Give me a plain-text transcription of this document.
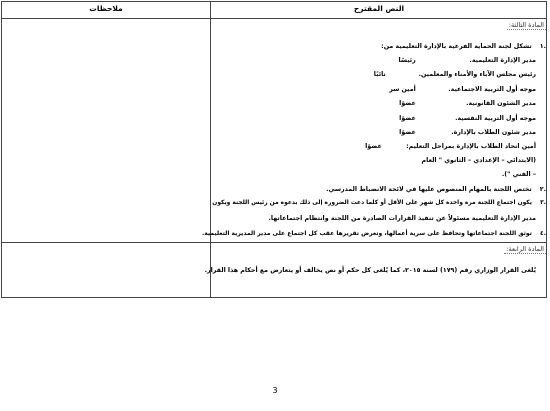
ملاحظات	النص المقترح
المادة الثالثة:
.١ تشكل لجنة الحماية الفرعية بالإدارة التعليمية من:
مدير الإدارة التعليمية. رئيسًا
رئيس مجلس الآباء والأمناء والمعلمين. نائبًا
موجه أول التربية الاجتماعية. أمين سر
مدير الشئون القانونية. عضوًا
موجه أول التربية النفسية. عضوًا
مدير شئون الطلاب بالإدارة. عضوًا
أمين اتحاد الطلاب بالإدارة بمراحل التعليم: عضوًا
(الابتدائي – الإعدادي – الثانوي " العام
– الفني ").
.٢ تختص اللجنة بالمهام المنصوص عليها في لائحة الانضباط المدرسي.
.٣ يكون اجتماع اللجنة مرة واحدة كل شهر على الأقل أو كلما دعت الضرورة إلى ذلك بدعوة من رئيس اللجنة ويكون
مدير الإدارة التعليمية مسئولاً عن تنفيذ القرارات الصادرة من اللجنة وانتظام اجتماعاتها.
.٤ توثق اللجنة اجتماعاتها وتحافظ على سرية أعمالها، وتعرض تقريرها عقب كل اجتماع على مدير المديرية التعليمية.
المادة الرابعة:
يُلغى القرار الوزاري رقم (١٧٩) لسنة ٢٠١٥، كما يُلغى كل حكم أو نص يخالف أو يتعارض مع أحكام هذا القرار.
3
